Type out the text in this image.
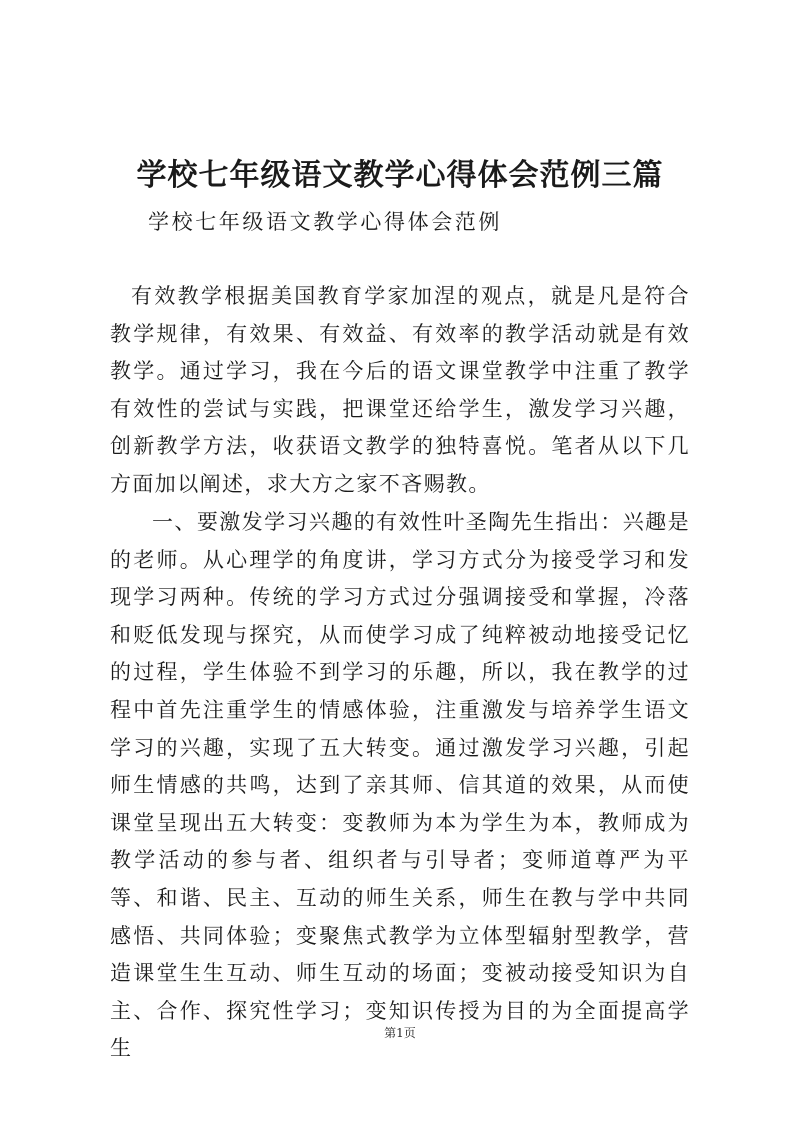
学校七年级语文教学心得体会范例三篇

学校七年级语文教学心得体会范例

有效教学根据美国教育学家加涅的观点，就是凡是符合教学规律，有效果、有效益、有效率的教学活动就是有效教学。通过学习，我在今后的语文课堂教学中注重了教学有效性的尝试与实践，把课堂还给学生，激发学习兴趣，创新教学方法，收获语文教学的独特喜悦。笔者从以下几方面加以阐述，求大方之家不吝赐教。

一、要激发学习兴趣的有效性叶圣陶先生指出：兴趣是的老师。从心理学的角度讲，学习方式分为接受学习和发现学习两种。传统的学习方式过分强调接受和掌握，冷落和贬低发现与探究，从而使学习成了纯粹被动地接受记忆的过程，学生体验不到学习的乐趣，所以，我在教学的过程中首先注重学生的情感体验，注重激发与培养学生语文学习的兴趣，实现了五大转变。通过激发学习兴趣，引起师生情感的共鸣，达到了亲其师、信其道的效果，从而使课堂呈现出五大转变：变教师为本为学生为本，教师成为教学活动的参与者、组织者与引导者；变师道尊严为平等、和谐、民主、互动的师生关系，师生在教与学中共同感悟、共同体验；变聚焦式教学为立体型辐射型教学，营造课堂生生互动、师生互动的场面；变被动接受知识为自主、合作、探究性学习；变知识传授为目的为全面提高学生

第1页
